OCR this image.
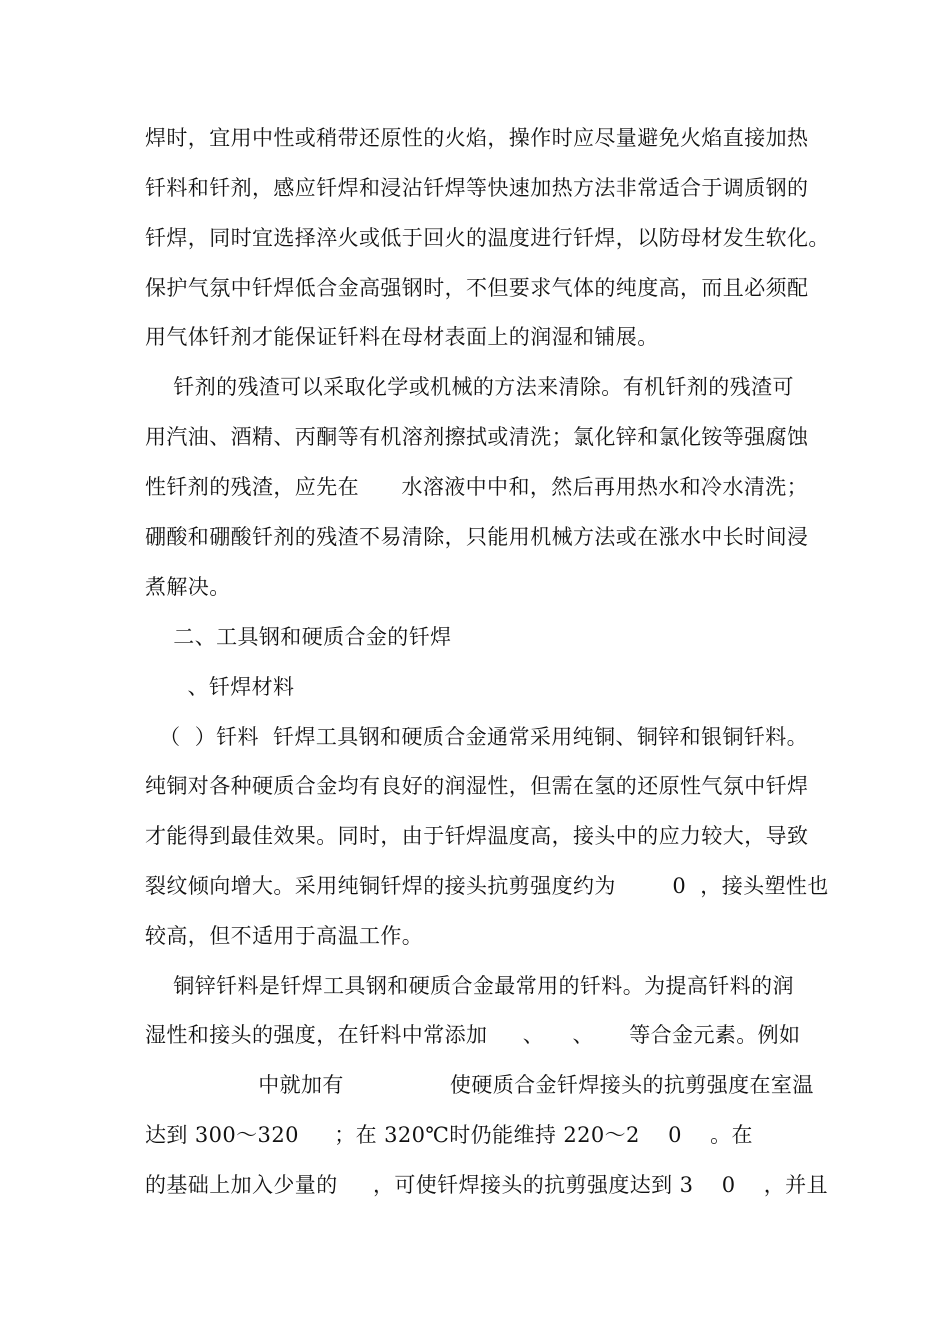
焊时，宜用中性或稍带还原性的火焰，操作时应尽量避免火焰直接加热
钎料和钎剂，感应钎焊和浸沾钎焊等快速加热方法非常适合于调质钢的
钎焊，同时宜选择淬火或低于回火的温度进行钎焊，以防母材发生软化。
保护气氛中钎焊低合金高强钢时，不但要求气体的纯度高，而且必须配
用气体钎剂才能保证钎料在母材表面上的润湿和铺展。
钎剂的残渣可以采取化学或机械的方法来清除。有机钎剂的残渣可
用汽油、酒精、丙酮等有机溶剂擦拭或清洗；氯化锌和氯化铵等强腐蚀
性钎剂的残渣，应先在      水溶液中中和，然后再用热水和冷水清洗；
硼酸和硼酸钎剂的残渣不易清除，只能用机械方法或在涨水中长时间浸
煮解决。
二、工具钢和硬质合金的钎焊
、钎焊材料
（  ）钎料  钎焊工具钢和硬质合金通常采用纯铜、铜锌和银铜钎料。
纯铜对各种硬质合金均有良好的润湿性，但需在氢的还原性气氛中钎焊
才能得到最佳效果。同时，由于钎焊温度高，接头中的应力较大，导致
裂纹倾向增大。采用纯铜钎焊的接头抗剪强度约为        0  ，接头塑性也
较高，但不适用于高温工作。
铜锌钎料是钎焊工具钢和硬质合金最常用的钎料。为提高钎料的润
湿性和接头的强度，在钎料中常添加     、    、     等合金元素。例如
中就加有               使硬质合金钎焊接头的抗剪强度在室温
达到 300～320     ；在 320℃时仍能维持 220～2    0    。在
的基础上加入少量的     ，可使钎焊接头的抗剪强度达到 3    0    ，并且
